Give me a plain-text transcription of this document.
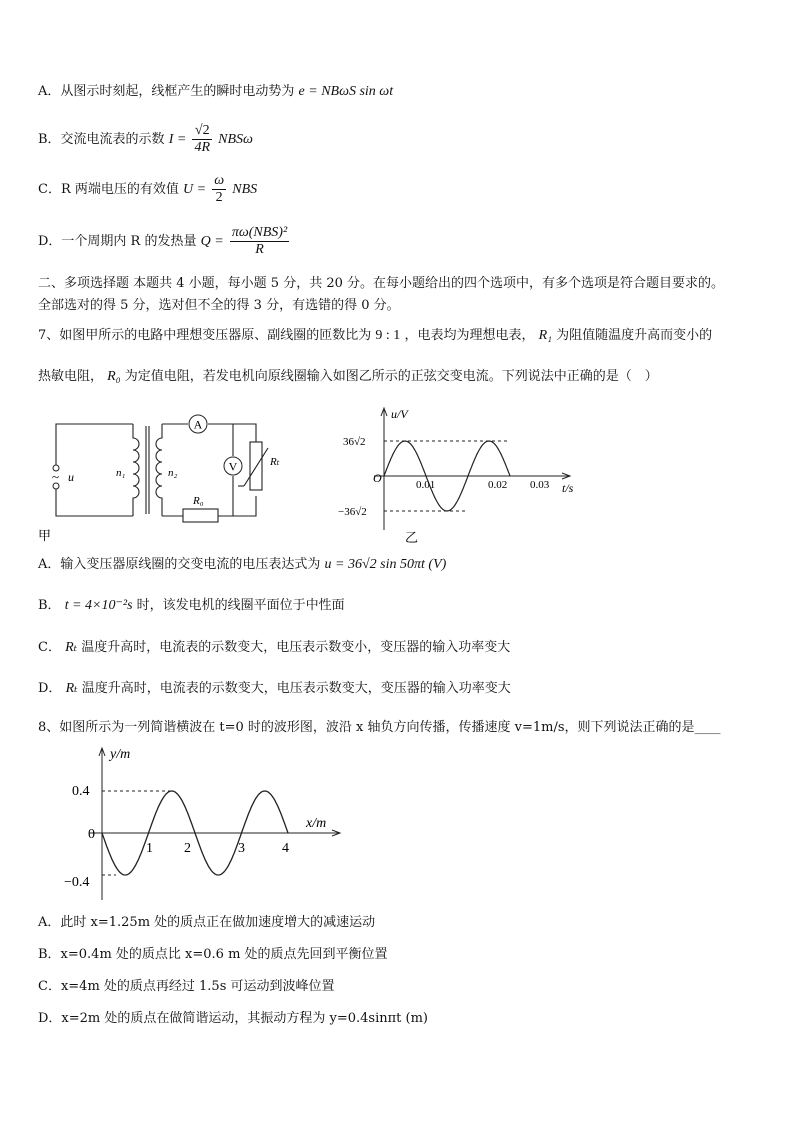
A．从图示时刻起，线框产生的瞬时电动势为 e = NBωS sin ωt
B．交流电流表的示数 $I = \frac{√2}{4R}$ NBSω
C．R 两端电压的有效值 $U = \frac{\omega}{2}$ NBS
D．一个周期内 R 的发热量 $Q = \frac{\text{πω(NBS)²}}{R}$
二、多项选择题 本题共 4 小题，每小题 5 分，共 20 分。在每小题给出的四个选项中，有多个选项是符合题目要求的。
全部选对的得 5 分，选对但不全的得 3 分，有选错的得 0 分。
7、如图甲所示的电路中理想变压器原、副线圈的匝数比为 9 : 1 ，电表均为理想电表， R₁ 为阻值随温度升高而变小的
热敏电阻， R₀ 为定值电阻，若发电机向原线圈输入如图乙所示的正弦交变电流。下列说法中正确的是（　）
A
V
~ u	n₁	n₂
Rₜ
R₀
甲
u/V
t/s
O
36√2
−36√2
0.01	0.02 0.03
乙
A．输入变压器原线圈的交变电流的电压表达式为 u = 36√2 sin 50πt (V)
B． t = 4×10⁻²s 时，该发电机的线圈平面位于中性面
C． Rₜ 温度升高时，电流表的示数变大，电压表示数变小，变压器的输入功率变大
D． Rₜ 温度升高时，电流表的示数变大，电压表示数变大，变压器的输入功率变大
8、如图所示为一列简谐横波在 t=0 时的波形图，波沿 x 轴负方向传播，传播速度 v=1m/s，则下列说法正确的是____
y/m
x/m
0.4
0
−0.4
1 2	3	4
A．此时 x=1.25m 处的质点正在做加速度增大的减速运动
B．x=0.4m 处的质点比 x=0.6 m 处的质点先回到平衡位置
C．x=4m 处的质点再经过 1.5s 可运动到波峰位置
D．x=2m 处的质点在做简谐运动，其振动方程为 y=0.4sinπt (m)
